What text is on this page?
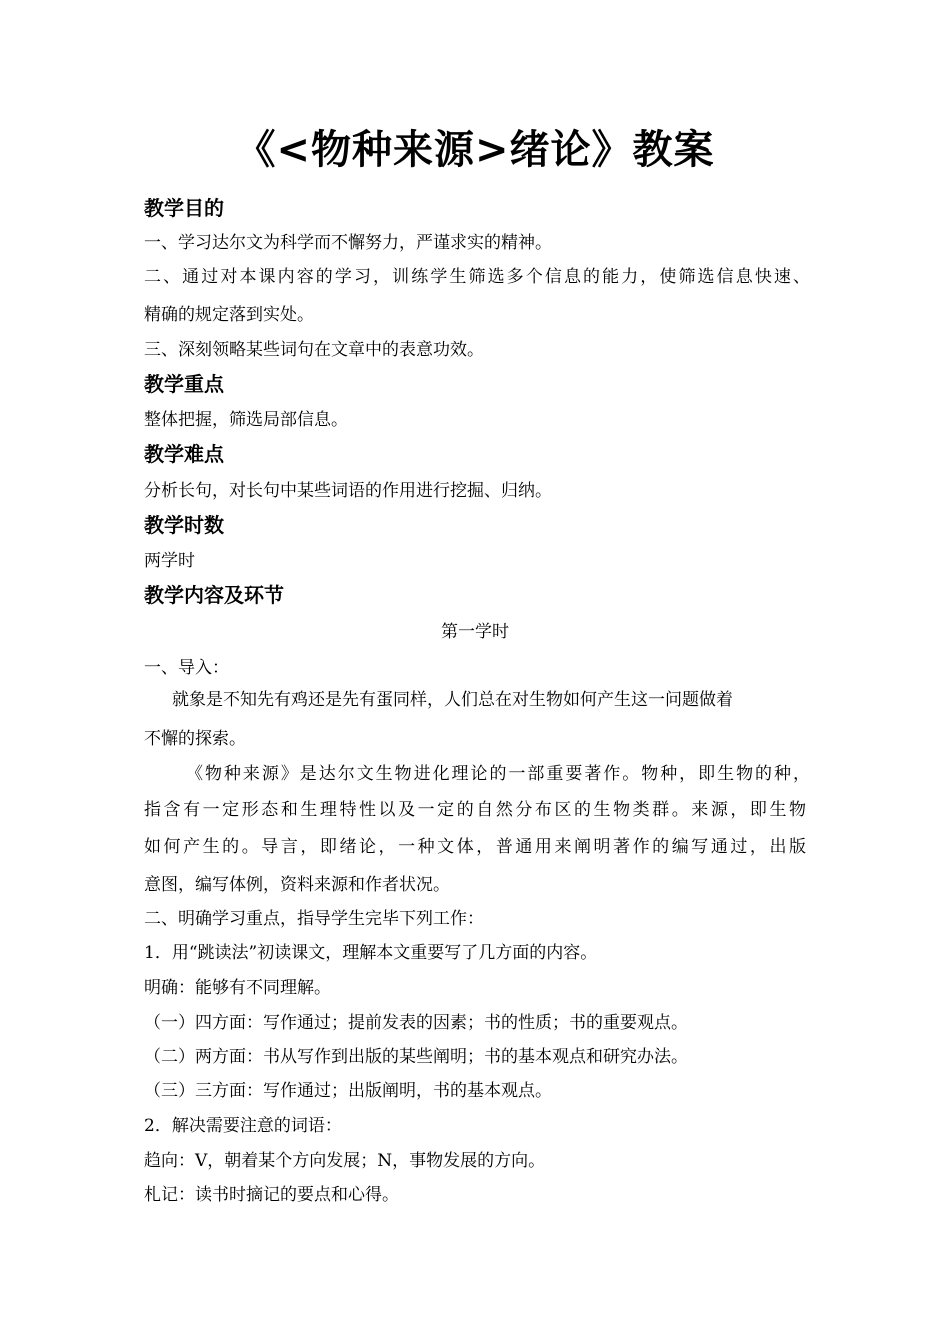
《<物种来源>绪论》教案
教学目的
一、学习达尔文为科学而不懈努力，严谨求实的精神。
二、通过对本课内容的学习，训练学生筛选多个信息的能力，使筛选信息快速、
精确的规定落到实处。
三、深刻领略某些词句在文章中的表意功效。
教学重点
整体把握，筛选局部信息。
教学难点
分析长句，对长句中某些词语的作用进行挖掘、归纳。
教学时数
两学时
教学内容及环节
第一学时
一、导入：
就象是不知先有鸡还是先有蛋同样，人们总在对生物如何产生这一问题做着
不懈的探索。
《物种来源》是达尔文生物进化理论的一部重要著作。物种，即生物的种，
指含有一定形态和生理特性以及一定的自然分布区的生物类群。来源，即生物
如何产生的。导言，即绪论，一种文体，普通用来阐明著作的编写通过，出版
意图，编写体例，资料来源和作者状况。
二、明确学习重点，指导学生完毕下列工作：
1．用“跳读法”初读课文，理解本文重要写了几方面的内容。
明确：能够有不同理解。
（一）四方面：写作通过；提前发表的因素；书的性质；书的重要观点。
（二）两方面：书从写作到出版的某些阐明；书的基本观点和研究办法。
（三）三方面：写作通过；出版阐明，书的基本观点。
2．解决需要注意的词语：
趋向：V，朝着某个方向发展；N，事物发展的方向。
札记：读书时摘记的要点和心得。
